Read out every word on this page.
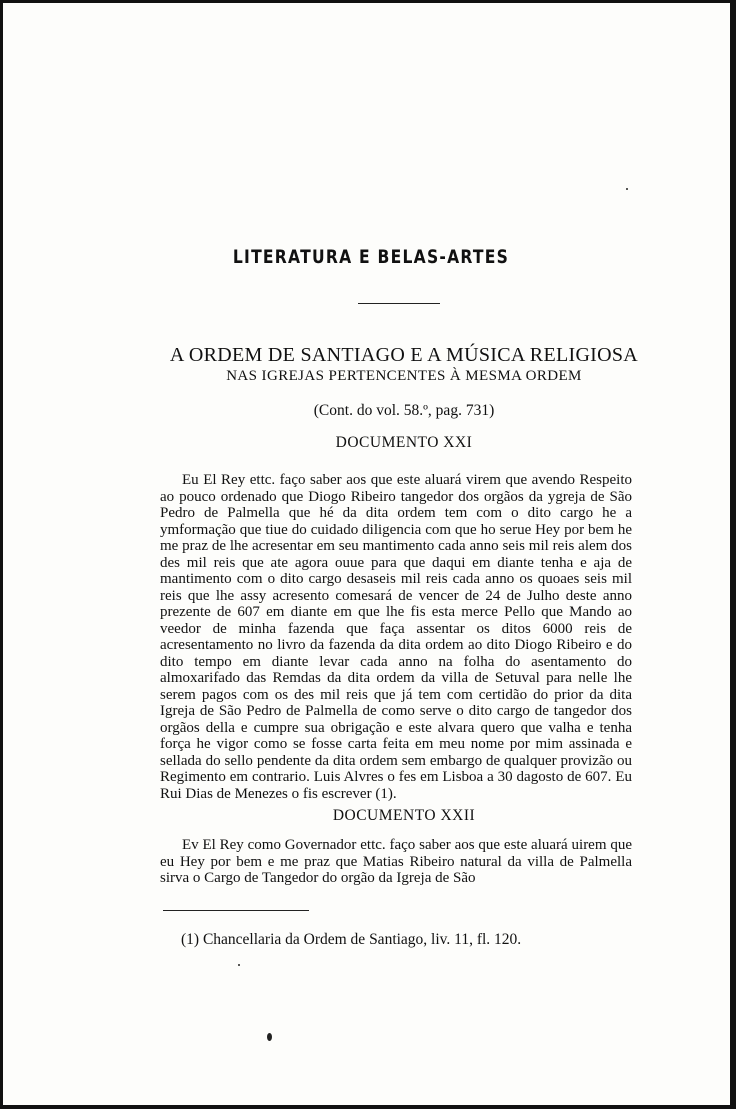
LITERATURA E BELAS-ARTES
A ORDEM DE SANTIAGO E A MÚSICA RELIGIOSA
NAS IGREJAS PERTENCENTES À MESMA ORDEM
(Cont. do vol. 58.º, pag. 731)
DOCUMENTO XXI

Eu El Rey ettc. faço saber aos que este aluará virem que avendo Respeito ao pouco ordenado que Diogo Ribeiro tangedor dos orgãos da ygreja de São Pedro de Palmella que hé da dita ordem tem com o dito cargo he a ymformação que tiue do cuidado diligencia com que ho serue Hey por bem he me praz de lhe acresentar em seu mantimento cada anno seis mil reis alem dos des mil reis que ate agora ouue para que daqui em diante tenha e aja de mantimento com o dito cargo desaseis mil reis cada anno os quoaes seis mil reis que lhe assy acresento comesará de vencer de 24 de Julho deste anno prezente de 607 em diante em que lhe fis esta merce Pello que Mando ao veedor de minha fazenda que faça assentar os ditos 6000 reis de acresentamento no livro da fazenda da dita ordem ao dito Diogo Ribeiro e do dito tempo em diante levar cada anno na folha do asentamento do almoxarifado das Remdas da dita ordem da villa de Setuval para nelle lhe serem pagos com os des mil reis que já tem com certidão do prior da dita Igreja de São Pedro de Palmella de como serve o dito cargo de tangedor dos orgãos della e cumpre sua obrigação e este alvara quero que valha e tenha força he vigor como se fosse carta feita em meu nome por mim assinada e sellada do sello pendente da dita ordem sem embargo de qualquer provizão ou Regimento em contrario. Luis Alvres o fes em Lisboa a 30 dagosto de 607. Eu Rui Dias de Menezes o fis escrever (1).

DOCUMENTO XXII

Ev El Rey como Governador ettc. faço saber aos que este aluará uirem que eu Hey por bem e me praz que Matias Ribeiro natural da villa de Palmella sirva o Cargo de Tangedor do orgão da Igreja de São

(1) Chancellaria da Ordem de Santiago, liv. 11, fl. 120.
